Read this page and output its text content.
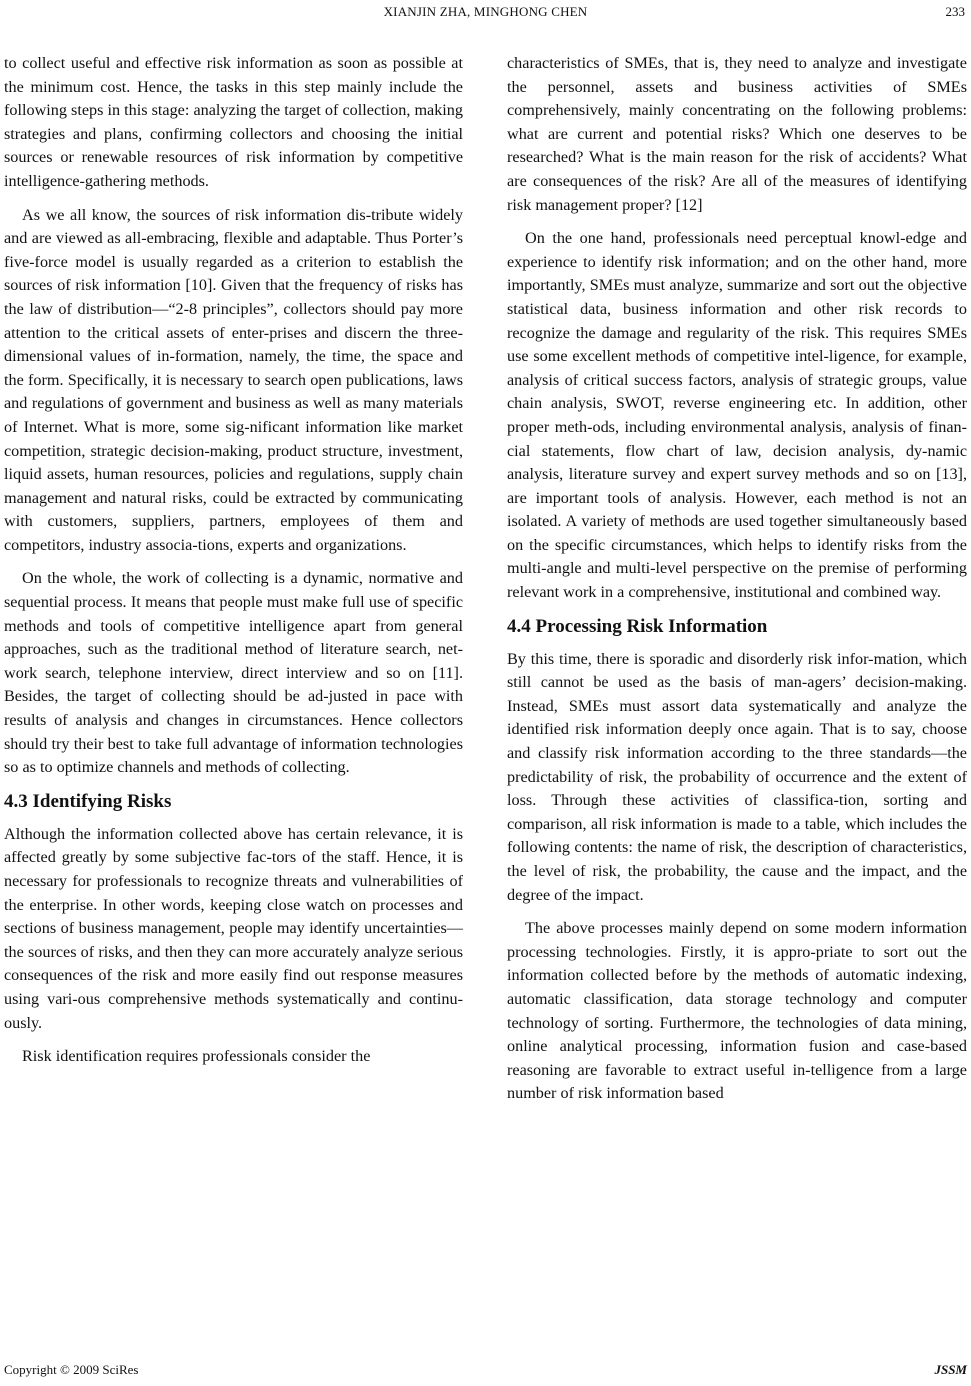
XIANJIN ZHA, MINGHONG CHEN	233

to collect useful and effective risk information as soon as possible at the minimum cost. Hence, the tasks in this step mainly include the following steps in this stage: analyzing the target of collection, making strategies and plans, confirming collectors and choosing the initial sources or renewable resources of risk information by competitive intelligence-gathering methods.

As we all know, the sources of risk information dis-tribute widely and are viewed as all-embracing, flexible and adaptable. Thus Porter’s five-force model is usually regarded as a criterion to establish the sources of risk information [10]. Given that the frequency of risks has the law of distribution—“2-8 principles”, collectors should pay more attention to the critical assets of enter-prises and discern the three-dimensional values of in-formation, namely, the time, the space and the form. Specifically, it is necessary to search open publications, laws and regulations of government and business as well as many materials of Internet. What is more, some sig-nificant information like market competition, strategic decision-making, product structure, investment, liquid assets, human resources, policies and regulations, supply chain management and natural risks, could be extracted by communicating with customers, suppliers, partners, employees of them and competitors, industry associa-tions, experts and organizations.

On the whole, the work of collecting is a dynamic, normative and sequential process. It means that people must make full use of specific methods and tools of competitive intelligence apart from general approaches, such as the traditional method of literature search, net-work search, telephone interview, direct interview and so on [11]. Besides, the target of collecting should be ad-justed in pace with results of analysis and changes in circumstances. Hence collectors should try their best to take full advantage of information technologies so as to optimize channels and methods of collecting.

4.3 Identifying Risks

Although the information collected above has certain relevance, it is affected greatly by some subjective fac-tors of the staff. Hence, it is necessary for professionals to recognize threats and vulnerabilities of the enterprise. In other words, keeping close watch on processes and sections of business management, people may identify uncertainties—the sources of risks, and then they can more accurately analyze serious consequences of the risk and more easily find out response measures using vari-ous comprehensive methods systematically and continu-ously.

Risk identification requires professionals consider the

characteristics of SMEs, that is, they need to analyze and investigate the personnel, assets and business activities of SMEs comprehensively, mainly concentrating on the following problems: what are current and potential risks? Which one deserves to be researched? What is the main reason for the risk of accidents? What are consequences of the risk? Are all of the measures of identifying risk management proper? [12]

On the one hand, professionals need perceptual knowl-edge and experience to identify risk information; and on the other hand, more importantly, SMEs must analyze, summarize and sort out the objective statistical data, business information and other risk records to recognize the damage and regularity of the risk. This requires SMEs use some excellent methods of competitive intel-ligence, for example, analysis of critical success factors, analysis of strategic groups, value chain analysis, SWOT, reverse engineering etc. In addition, other proper meth-ods, including environmental analysis, analysis of finan-cial statements, flow chart of law, decision analysis, dy-namic analysis, literature survey and expert survey methods and so on [13], are important tools of analysis. However, each method is not an isolated. A variety of methods are used together simultaneously based on the specific circumstances, which helps to identify risks from the multi-angle and multi-level perspective on the premise of performing relevant work in a comprehensive, institutional and combined way.

4.4 Processing Risk Information

By this time, there is sporadic and disorderly risk infor-mation, which still cannot be used as the basis of man-agers’ decision-making. Instead, SMEs must assort data systematically and analyze the identified risk information deeply once again. That is to say, choose and classify risk information according to the three standards—the predictability of risk, the probability of occurrence and the extent of loss. Through these activities of classifica-tion, sorting and comparison, all risk information is made to a table, which includes the following contents: the name of risk, the description of characteristics, the level of risk, the probability, the cause and the impact, and the degree of the impact.

The above processes mainly depend on some modern information processing technologies. Firstly, it is appro-priate to sort out the information collected before by the methods of automatic indexing, automatic classification, data storage technology and computer technology of sorting. Furthermore, the technologies of data mining, online analytical processing, information fusion and case-based reasoning are favorable to extract useful in-telligence from a large number of risk information based

Copyright © 2009 SciRes	JSSM
